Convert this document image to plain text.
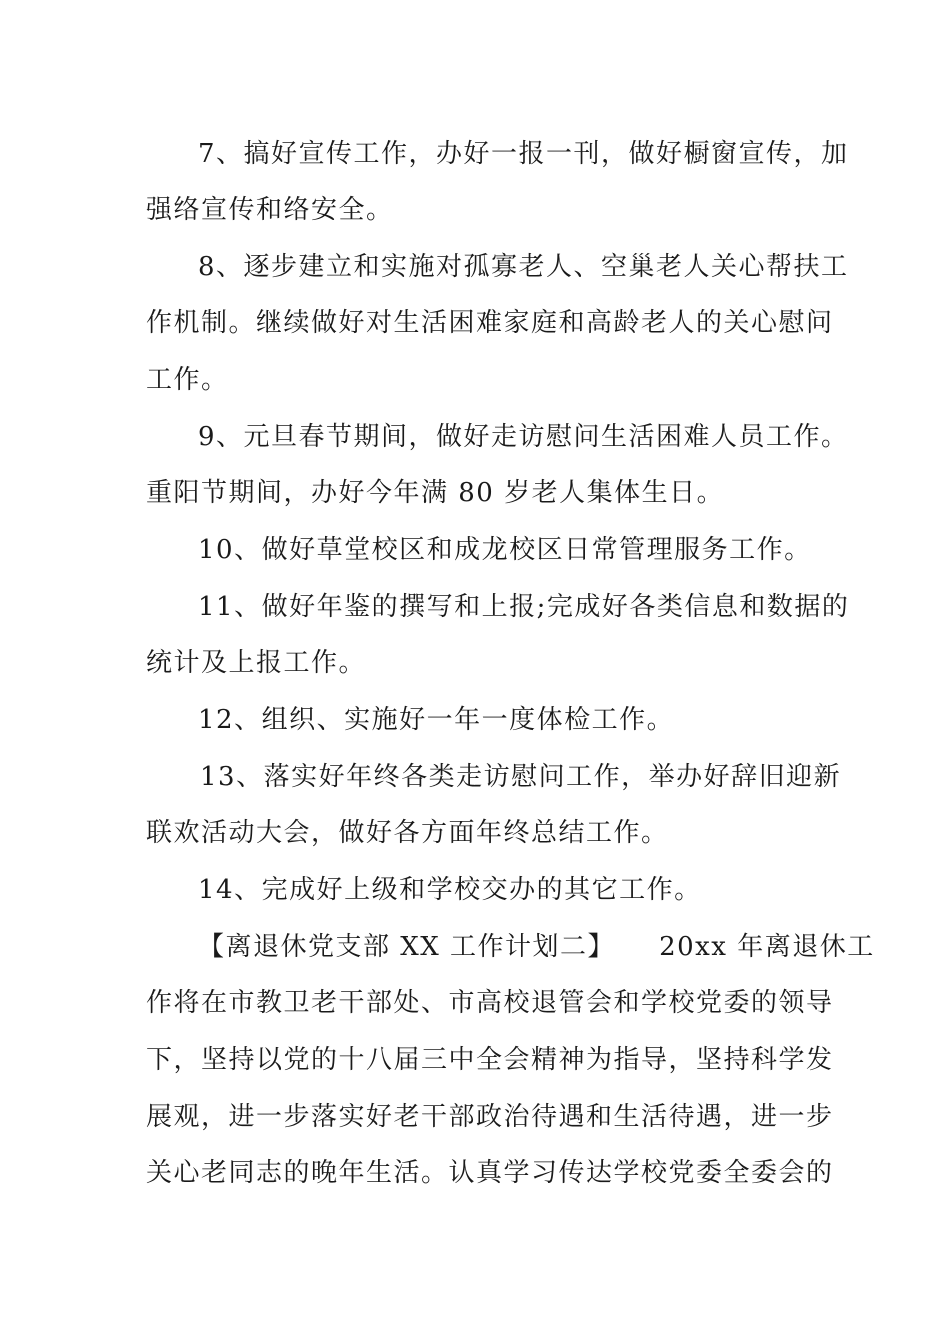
7、搞好宣传工作，办好一报一刊，做好橱窗宣传，加
强络宣传和络安全。
8、逐步建立和实施对孤寡老人、空巢老人关心帮扶工
作机制。继续做好对生活困难家庭和高龄老人的关心慰问
工作。
9、元旦春节期间，做好走访慰问生活困难人员工作。
重阳节期间，办好今年满 80 岁老人集体生日。
10、做好草堂校区和成龙校区日常管理服务工作。
11、做好年鉴的撰写和上报;完成好各类信息和数据的
统计及上报工作。
12、组织、实施好一年一度体检工作。
13、落实好年终各类走访慰问工作，举办好辞旧迎新
联欢活动大会，做好各方面年终总结工作。
14、完成好上级和学校交办的其它工作。
【离退休党支部 XX 工作计划二】 20xx 年离退休工
作将在市教卫老干部处、市高校退管会和学校党委的领导
下，坚持以党的十八届三中全会精神为指导，坚持科学发
展观，进一步落实好老干部政治待遇和生活待遇，进一步
关心老同志的晚年生活。认真学习传达学校党委全委会的
